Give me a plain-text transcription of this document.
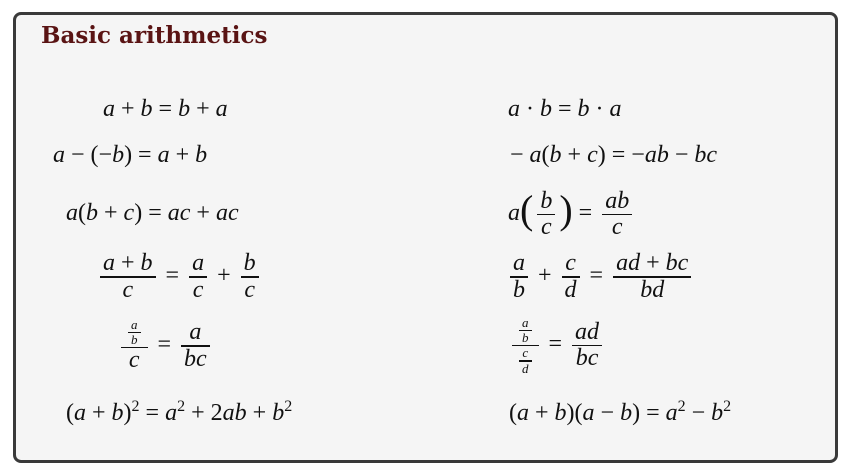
Basic arithmetics
a + b = b + a
a − (−b) = a + b
a(b + c) = ac + ac
$\frac{a + b}{c} = \frac{a}{c} + \frac{b}{c}$
$\frac{\frac{a}{b}}{c} = \frac{a}{bc}$
$(a + b)^2 = a^2 + 2ab + b^2$
a · b = b · a
− a(b + c) = −ab − bc
$a( \frac{b}{c}$ ) = $\frac{ab}{c}$
$\frac{a}{b} + \frac{c}{d} = \frac{ad + bc}{bd}$
$\frac{\frac{a}{b}}{\frac{c}{d}} = \frac{ad}{bc}$
$(a + b)(a - b) = a^2 - b^2$
